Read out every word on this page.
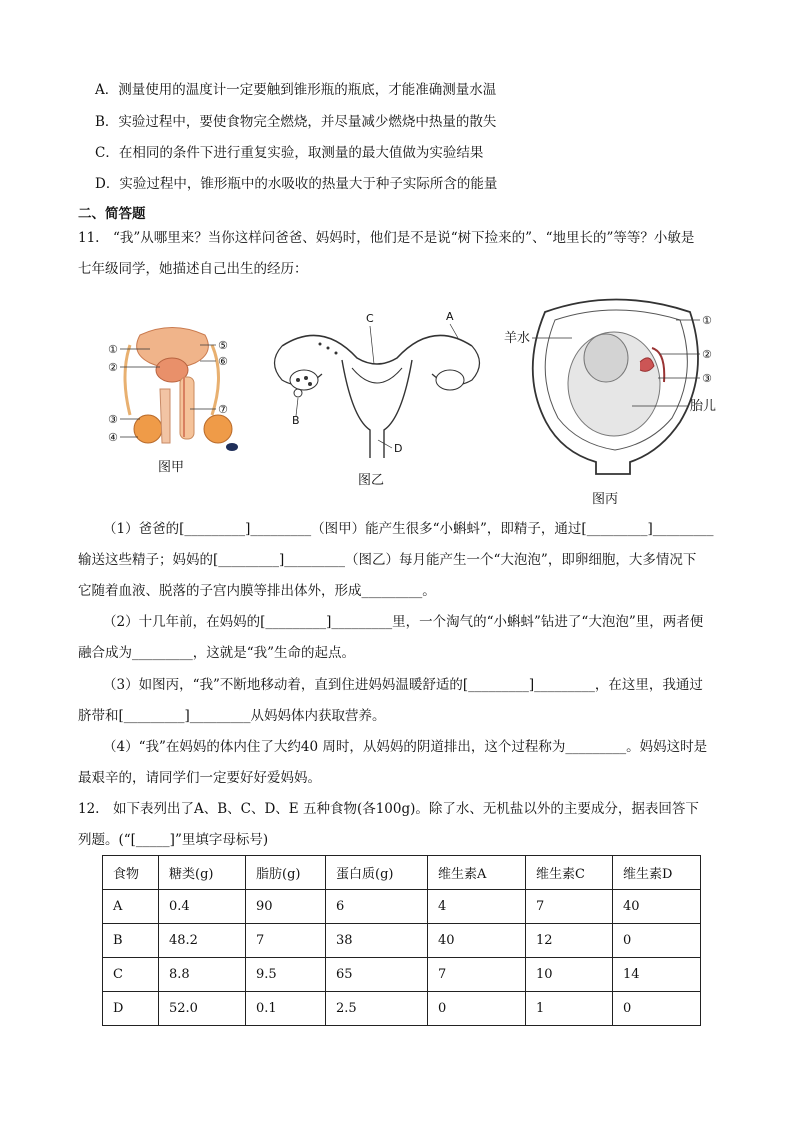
A．测量使用的温度计一定要触到锥形瓶的瓶底，才能准确测量水温
B．实验过程中，要使食物完全燃烧，并尽量减少燃烧中热量的散失
C．在相同的条件下进行重复实验，取测量的最大值做为实验结果
D．实验过程中，锥形瓶中的水吸收的热量大于种子实际所含的能量
二、简答题
11.　“我”从哪里来？当你这样问爸爸、妈妈时，他们是不是说“树下捡来的”、“地里长的”等等？小敏是
七年级同学，她描述自己出生的经历：
①
②
③
④
⑤
⑥
⑦
图甲
C	A
B
D
图乙
羊水
①
②
③
胎儿
图丙
（1）爸爸的[_________]_________（图甲）能产生很多“小蝌蚪”，即精子，通过[_________]_________
输送这些精子；妈妈的[_________]_________（图乙）每月能产生一个“大泡泡”，即卵细胞，大多情况下
它随着血液、脱落的子宫内膜等排出体外，形成_________。
（2）十几年前，在妈妈的[_________]_________里，一个淘气的“小蝌蚪”钻进了“大泡泡”里，两者便
融合成为_________，这就是“我”生命的起点。
（3）如图丙，“我”不断地移动着，直到住进妈妈温暖舒适的[_________]_________，在这里，我通过
脐带和[_________]_________从妈妈体内获取营养。
（4）“我”在妈妈的体内住了大约40 周时，从妈妈的阴道排出，这个过程称为_________。妈妈这时是
最艰辛的，请同学们一定要好好爱妈妈。
12.　如下表列出了A、B、C、D、E 五种食物(各100g)。除了水、无机盐以外的主要成分，据表回答下
列题。(“[_____]”里填字母标号)
食物	糖类(g)	脂肪(g)	蛋白质(g)	维生素A	维生素C	维生素D
A	0.4	90	6	4	7	40
B	48.2	7	38	40	12	0
C	8.8	9.5	65	7	10	14
D	52.0	0.1	2.5	0	1	0
